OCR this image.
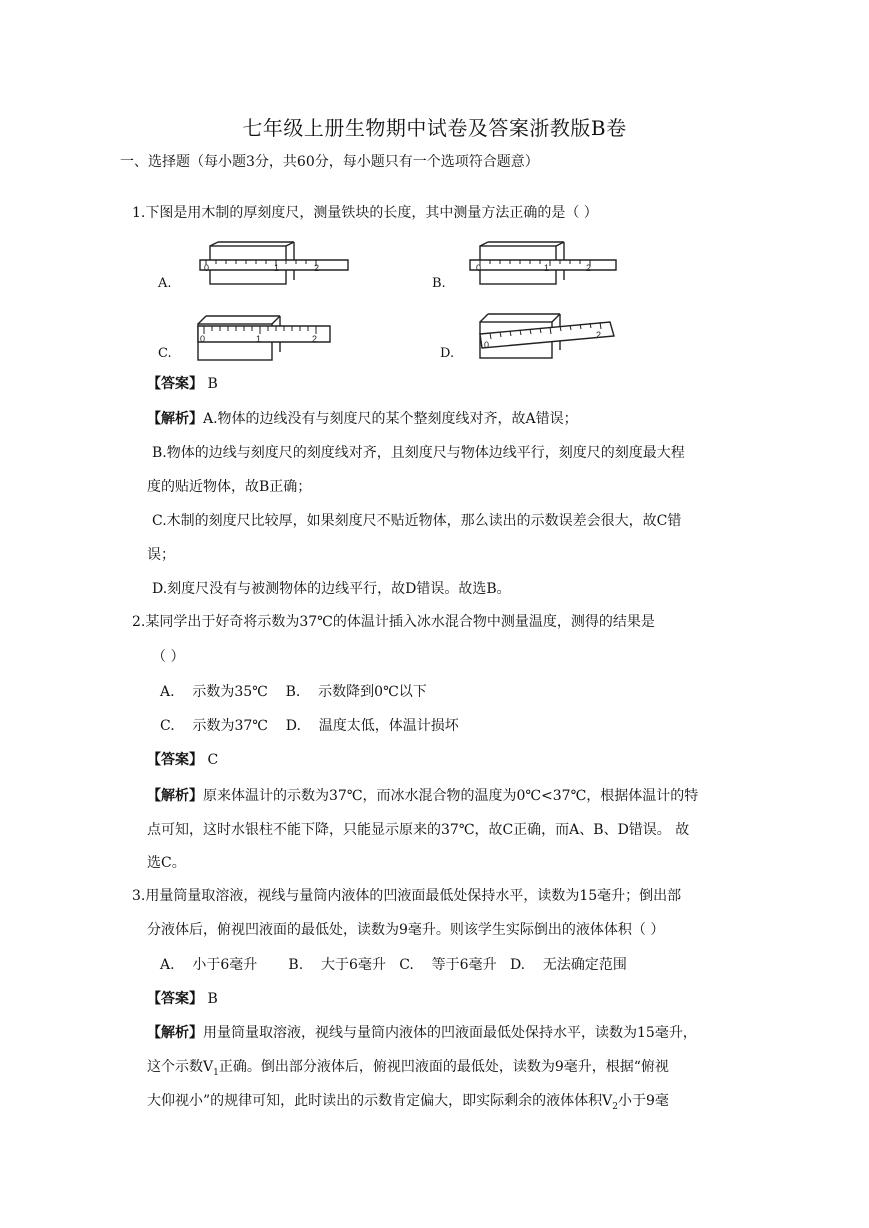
七年级上册生物期中试卷及答案浙教版B卷
一、选择题（每小题3分，共60分，每小题只有一个选项符合题意）
1.下图是用木制的厚刻度尺，测量铁块的长度，其中测量方法正确的是（ ）
0	1	2
A.
0	1	2
B.
0	1	2
C.
0
2
D.
【答案】 B
【解析】A.物体的边线没有与刻度尺的某个整刻度线对齐，故A错误；
B.物体的边线与刻度尺的刻度线对齐，且刻度尺与物体边线平行，刻度尺的刻度最大程
度的贴近物体，故B正确；
C.木制的刻度尺比较厚，如果刻度尺不贴近物体，那么读出的示数误差会很大，故C错
误；
D.刻度尺没有与被测物体的边线平行，故D错误。故选B。
2.某同学出于好奇将示数为37℃的体温计插入冰水混合物中测量温度，测得的结果是
（ ）
A.    示数为35℃    B.    示数降到0℃以下
C.    示数为37℃    D.    温度太低，体温计损坏
【答案】 C
【解析】原来体温计的示数为37℃，而冰水混合物的温度为0℃<37℃，根据体温计的特
点可知，这时水银柱不能下降，只能显示原来的37℃，故C正确，而A、B、D错误。 故
选C。
3.用量筒量取溶液，视线与量筒内液体的凹液面最低处保持水平，读数为15毫升；倒出部
分液体后，俯视凹液面的最低处，读数为9毫升。则该学生实际倒出的液体体积（ ）
A.    小于6毫升       B.    大于6毫升   C.    等于6毫升   D.    无法确定范围
【答案】 B
【解析】用量筒量取溶液，视线与量筒内液体的凹液面最低处保持水平，读数为15毫升，
这个示数$V_1$正确。倒出部分液体后，俯视凹液面的最低处，读数为9毫升，根据“俯视
大仰视小”的规律可知，此时读出的示数肯定偏大，即实际剩余的液体体积$V_2$小于9毫
